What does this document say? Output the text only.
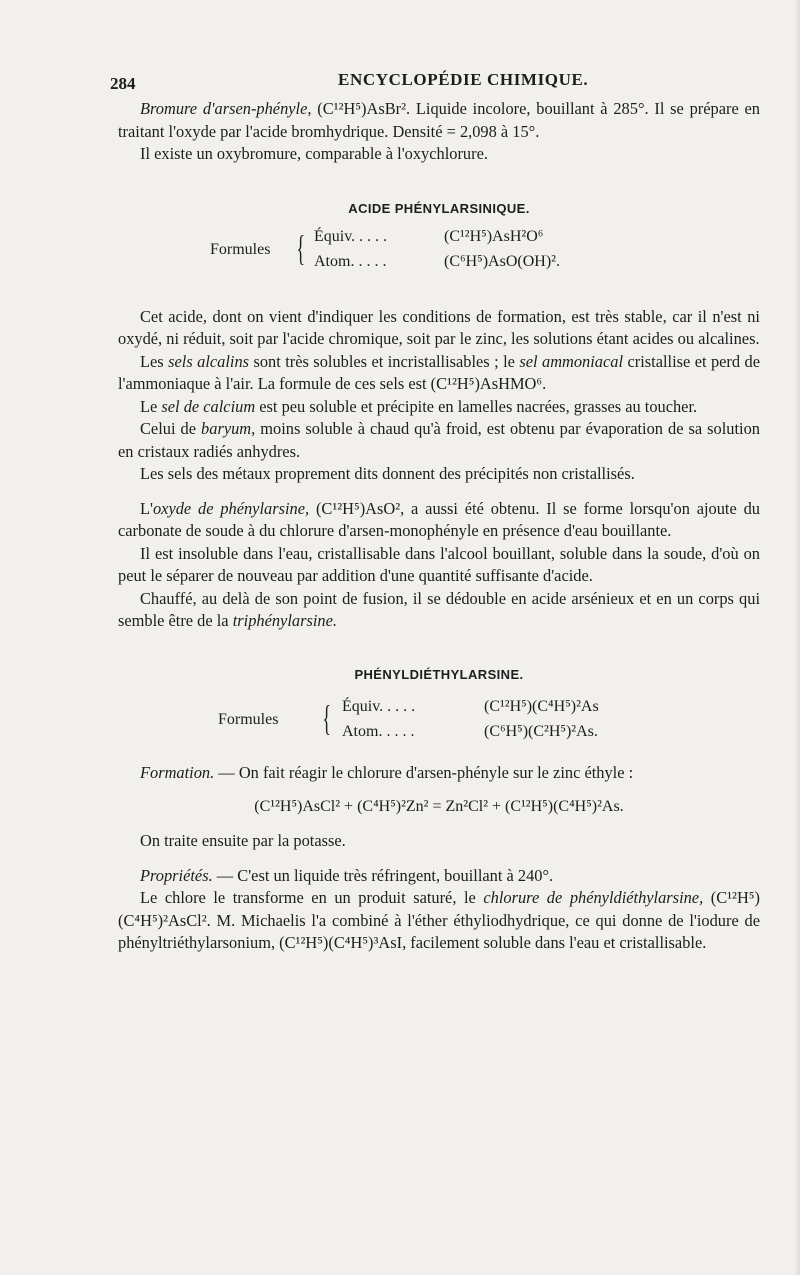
284	ENCYCLOPÉDIE CHIMIQUE.

Bromure d'arsen-phényle, (C¹²H⁵)AsBr². Liquide incolore, bouillant à 285°. Il se prépare en traitant l'oxyde par l'acide bromhydrique. Densité = 2,098 à 15°.

Il existe un oxybromure, comparable à l'oxychlorure.

ACIDE PHÉNYLARSINIQUE.
Formules { Équiv. . . . .	(C¹²H⁵)AsH²O⁶
Atom. . . . .	(C⁶H⁵)AsO(OH)².

Cet acide, dont on vient d'indiquer les conditions de formation, est très stable, car il n'est ni oxydé, ni réduit, soit par l'acide chromique, soit par le zinc, les solutions étant acides ou alcalines.

Les sels alcalins sont très solubles et incristallisables ; le sel ammoniacal cristallise et perd de l'ammoniaque à l'air. La formule de ces sels est (C¹²H⁵)AsHMO⁶.

Le sel de calcium est peu soluble et précipite en lamelles nacrées, grasses au toucher.

Celui de baryum, moins soluble à chaud qu'à froid, est obtenu par évaporation de sa solution en cristaux radiés anhydres.

Les sels des métaux proprement dits donnent des précipités non cristallisés.

L'oxyde de phénylarsine, (C¹²H⁵)AsO², a aussi été obtenu. Il se forme lorsqu'on ajoute du carbonate de soude à du chlorure d'arsen-monophényle en présence d'eau bouillante.

Il est insoluble dans l'eau, cristallisable dans l'alcool bouillant, soluble dans la soude, d'où on peut le séparer de nouveau par addition d'une quantité suffisante d'acide.

Chauffé, au delà de son point de fusion, il se dédouble en acide arsénieux et en un corps qui semble être de la triphénylarsine.

PHÉNYLDIÉTHYLARSINE.
Formules { Équiv. . . . .	(C¹²H⁵)(C⁴H⁵)²As
Atom. . . . .	(C⁶H⁵)(C²H⁵)²As.

Formation. — On fait réagir le chlorure d'arsen-phényle sur le zinc éthyle :

(C¹²H⁵)AsCl² + (C⁴H⁵)²Zn² = Zn²Cl² + (C¹²H⁵)(C⁴H⁵)²As.

On traite ensuite par la potasse.

Propriétés. — C'est un liquide très réfringent, bouillant à 240°.

Le chlore le transforme en un produit saturé, le chlorure de phényldiéthylarsine, (C¹²H⁵)(C⁴H⁵)²AsCl². M. Michaelis l'a combiné à l'éther éthyliodhydrique, ce qui donne de l'iodure de phényltriéthylarsonium, (C¹²H⁵)(C⁴H⁵)³AsI, facilement soluble dans l'eau et cristallisable.
